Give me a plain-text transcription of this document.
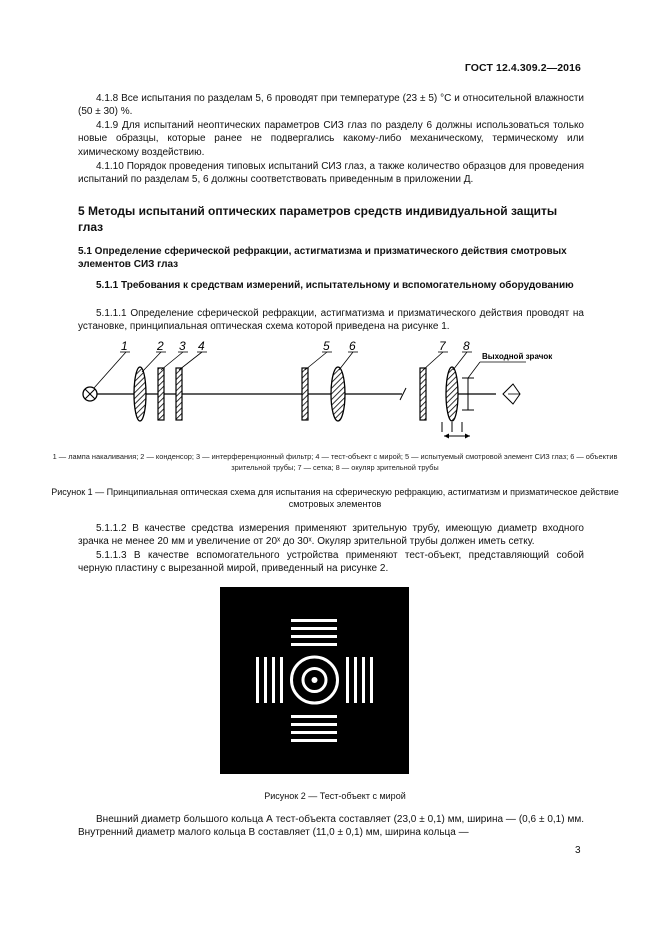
ГОСТ 12.4.309.2—2016
4.1.8 Все испытания по разделам 5, 6 проводят при температуре (23 ± 5) °С и относительной влажности (50 ± 30) %.
4.1.9 Для испытаний неоптических параметров СИЗ глаз по разделу 6 должны использоваться только новые образцы, которые ранее не подвергались какому-либо механическому, термическому или химическому воздействию.
4.1.10 Порядок проведения типовых испытаний СИЗ глаз, а также количество образцов для проведения испытаний по разделам 5, 6 должны соответствовать приведенным в приложении Д.
5 Методы испытаний оптических параметров средств индивидуальной защиты глаз
5.1 Определение сферической рефракции, астигматизма и призматического действия смотровых элементов СИЗ глаз
5.1.1 Требования к средствам измерений, испытательному и вспомогательному оборудованию
5.1.1.1 Определение сферической рефракции, астигматизма и призматического действия проводят на установке, принципиальная оптическая схема которой приведена на рисунке 1.
Выходной зрачок
1 2 3 4	5 6	7 8
1 — лампа накаливания; 2 — конденсор; 3 — интерференционный фильтр; 4 — тест-объект с мирой; 5 — испытуемый смотровой элемент СИЗ глаз; 6 — объектив зрительной трубы; 7 — сетка; 8 — окуляр зрительной трубы
Рисунок 1 — Принципиальная оптическая схема для испытания на сферическую рефракцию, астигматизм и призматическое действие смотровых элементов
5.1.1.2 В качестве средства измерения применяют зрительную трубу, имеющую диаметр входного зрачка не менее 20 мм и увеличение от 20ˣ до 30ˣ. Окуляр зрительной трубы должен иметь сетку.
5.1.1.3 В качестве вспомогательного устройства применяют тест-объект, представляющий собой черную пластину с вырезанной мирой, приведенный на рисунке 2.
Рисунок 2 — Тест-объект с мирой
Внешний диаметр большого кольца А тест-объекта составляет (23,0 ± 0,1) мм, ширина — (0,6 ± 0,1) мм. Внутренний диаметр малого кольца В составляет (11,0 ± 0,1) мм, ширина кольца —
3
